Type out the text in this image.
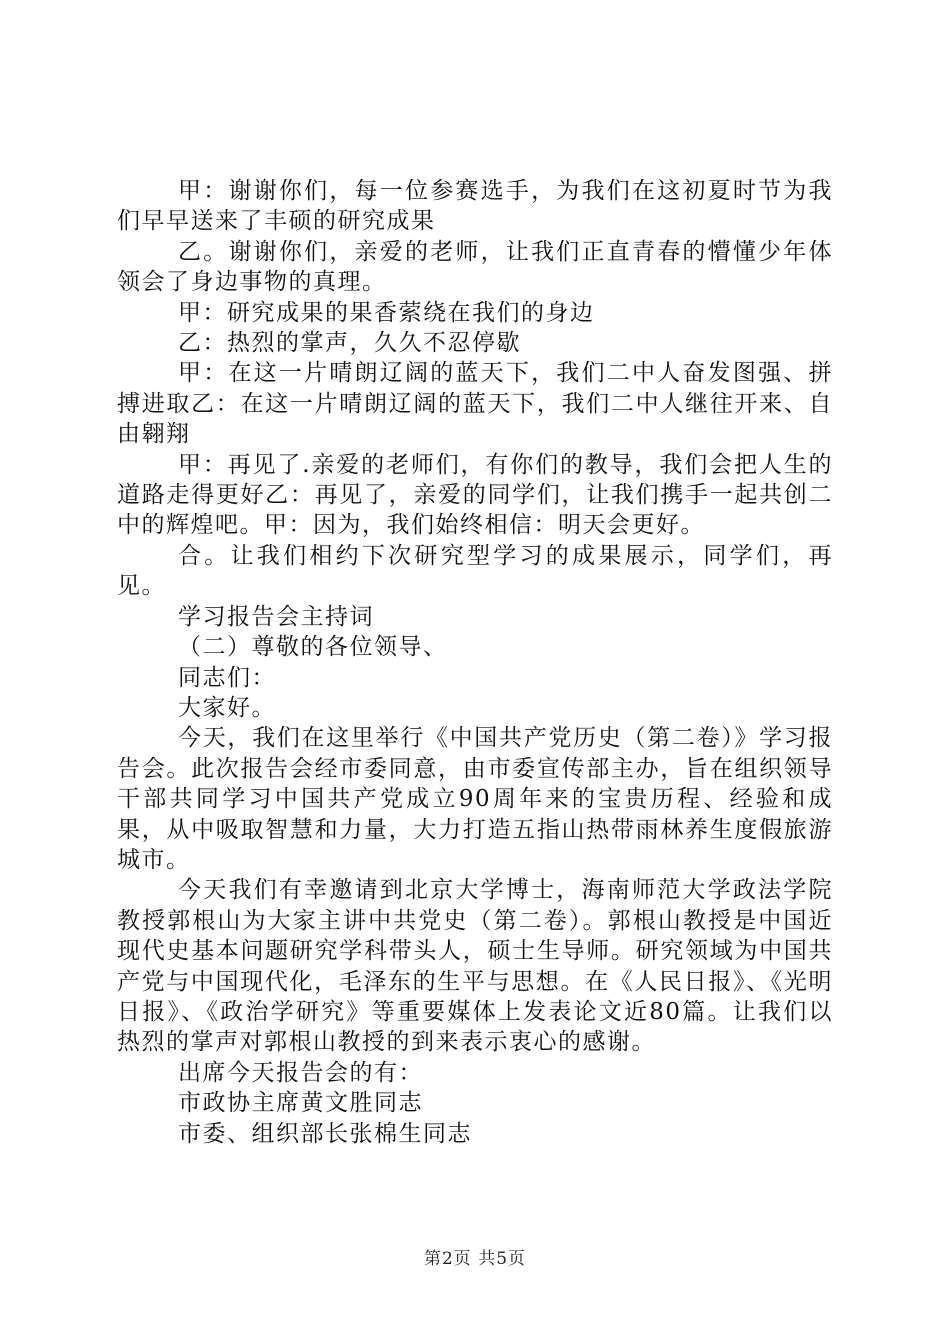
甲：谢谢你们，每一位参赛选手，为我们在这初夏时节为我们早早送来了丰硕的研究成果

乙。谢谢你们，亲爱的老师，让我们正直青春的懵懂少年体领会了身边事物的真理。

甲：研究成果的果香萦绕在我们的身边

乙：热烈的掌声，久久不忍停歇

甲：在这一片晴朗辽阔的蓝天下，我们二中人奋发图强、拼搏进取乙：在这一片晴朗辽阔的蓝天下，我们二中人继往开来、自由翱翔

甲：再见了.亲爱的老师们，有你们的教导，我们会把人生的道路走得更好乙：再见了，亲爱的同学们，让我们携手一起共创二中的辉煌吧。甲：因为，我们始终相信：明天会更好。

合。让我们相约下次研究型学习的成果展示，同学们，再见。

学习报告会主持词

（二）尊敬的各位领导、

同志们：

大家好。

今天，我们在这里举行《中国共产党历史（第二卷）》学习报告会。此次报告会经市委同意，由市委宣传部主办，旨在组织领导干部共同学习中国共产党成立90周年来的宝贵历程、经验和成果，从中吸取智慧和力量，大力打造五指山热带雨林养生度假旅游城市。

今天我们有幸邀请到北京大学博士，海南师范大学政法学院教授郭根山为大家主讲中共党史（第二卷）。郭根山教授是中国近现代史基本问题研究学科带头人，硕士生导师。研究领域为中国共产党与中国现代化，毛泽东的生平与思想。在《人民日报》、《光明日报》、《政治学研究》等重要媒体上发表论文近80篇。让我们以热烈的掌声对郭根山教授的到来表示衷心的感谢。

出席今天报告会的有：

市政协主席黄文胜同志

市委、组织部长张棉生同志

第2页 共5页
